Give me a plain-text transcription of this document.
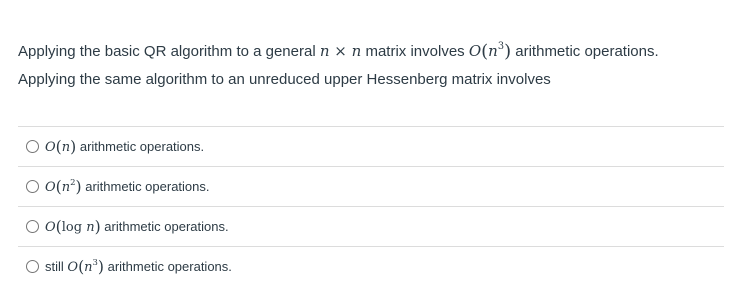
Applying the basic QR algorithm to a general n × n matrix involves $O(n^3)$ arithmetic operations.

Applying the same algorithm to an unreduced upper Hessenberg matrix involves

O(n) arithmetic operations.
$O(n^2)$ arithmetic operations.
O(log n) arithmetic operations.
still $O(n^3)$ arithmetic operations.
